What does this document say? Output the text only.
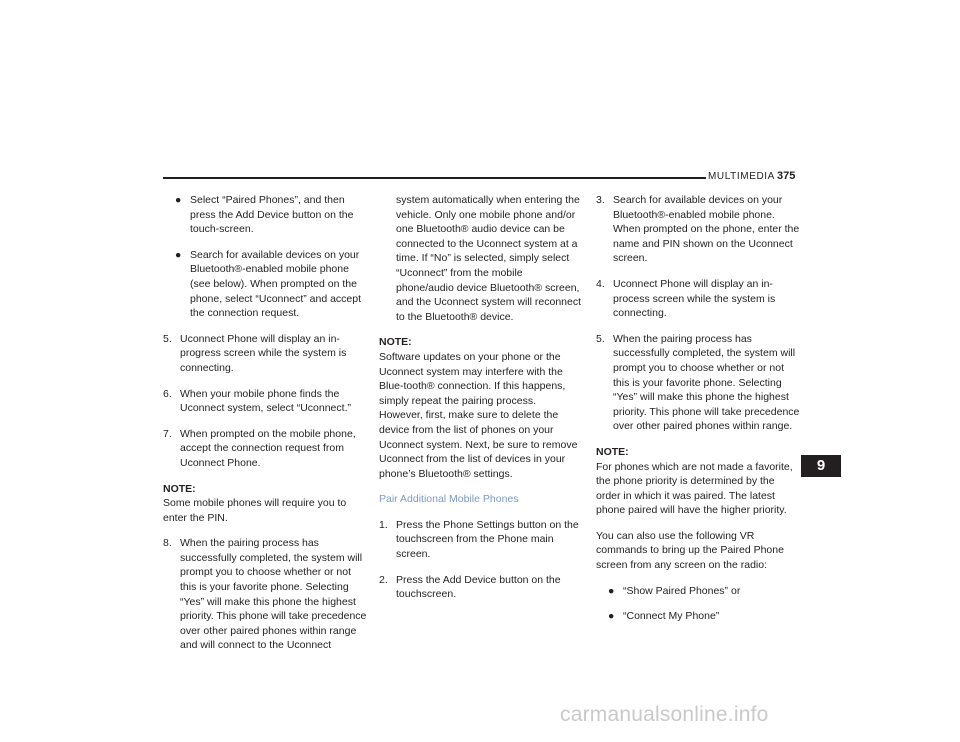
MULTIMEDIA 375
● Select “Paired Phones”, and then press the Add Device button on the touch-screen.
● Search for available devices on your Bluetooth®-enabled mobile phone (see below). When prompted on the phone, select “Uconnect” and accept the connection request.
5. Uconnect Phone will display an in-progress screen while the system is connecting.
6. When your mobile phone finds the Uconnect system, select “Uconnect.”
7. When prompted on the mobile phone, accept the connection request from Uconnect Phone.
NOTE:
Some mobile phones will require you to enter the PIN.
8. When the pairing process has successfully completed, the system will prompt you to choose whether or not this is your favorite phone. Selecting “Yes” will make this phone the highest priority. This phone will take precedence over other paired phones within range and will connect to the Uconnect
system automatically when entering the vehicle. Only one mobile phone and/or one Bluetooth® audio device can be connected to the Uconnect system at a time. If “No” is selected, simply select “Uconnect” from the mobile phone/audio device Bluetooth® screen, and the Uconnect system will reconnect to the Bluetooth® device.
NOTE:
Software updates on your phone or the Uconnect system may interfere with the Blue-tooth® connection. If this happens, simply repeat the pairing process. However, first, make sure to delete the device from the list of phones on your Uconnect system. Next, be sure to remove Uconnect from the list of devices in your phone’s Bluetooth® settings.
Pair Additional Mobile Phones
1. Press the Phone Settings button on the touchscreen from the Phone main screen.
2. Press the Add Device button on the touchscreen.
3. Search for available devices on your Bluetooth®-enabled mobile phone. When prompted on the phone, enter the name and PIN shown on the Uconnect screen.
4. Uconnect Phone will display an in-process screen while the system is connecting.
5. When the pairing process has successfully completed, the system will prompt you to choose whether or not this is your favorite phone. Selecting “Yes” will make this phone the highest priority. This phone will take precedence over other paired phones within range.
NOTE:
For phones which are not made a favorite, the phone priority is determined by the order in which it was paired. The latest phone paired will have the higher priority.
You can also use the following VR commands to bring up the Paired Phone screen from any screen on the radio:
● “Show Paired Phones” or
● “Connect My Phone”
9
carmanualsonline.info
